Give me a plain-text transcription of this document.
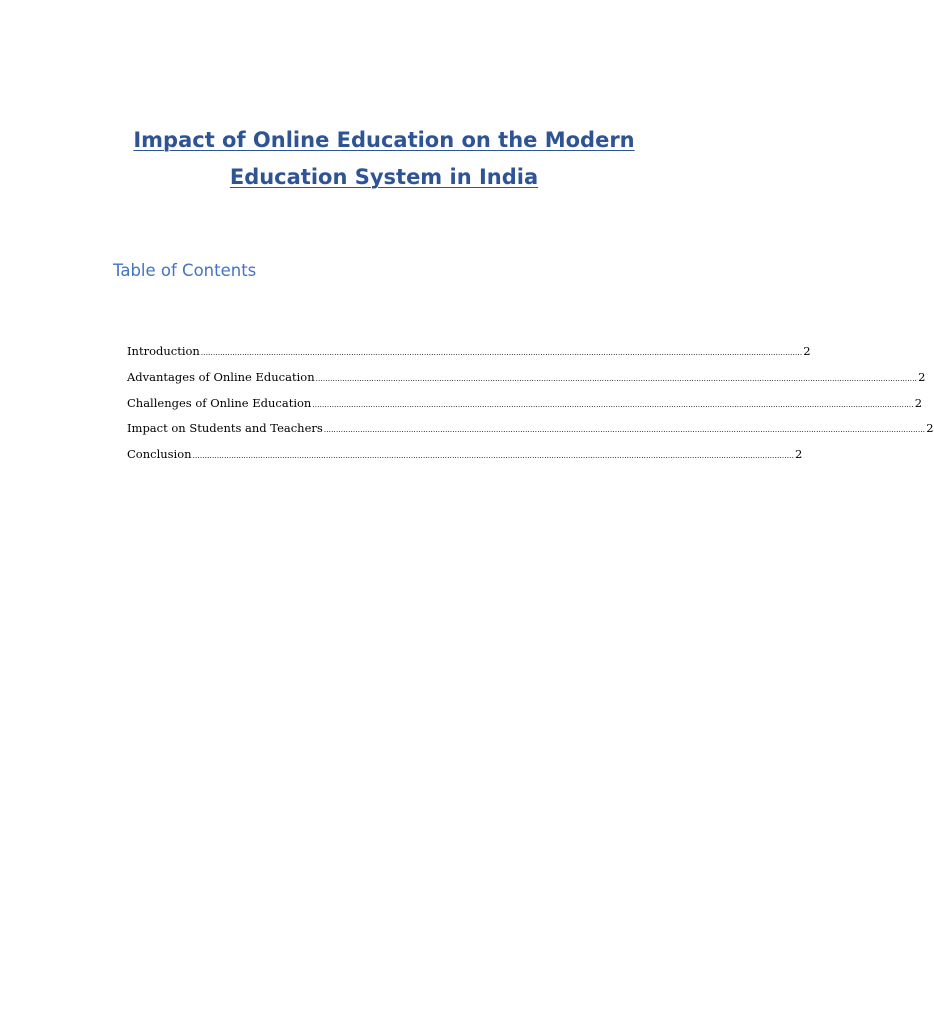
Impact of Online Education on the Modern
Education System in India
Table of Contents
Introduction ........................................................................................................................................................................................................................................................ 2
Advantages of Online Education ........................................................................................................................................................................................................................................................ 2
Challenges of Online Education ........................................................................................................................................................................................................................................................ 2
Impact on Students and Teachers ........................................................................................................................................................................................................................................................ 2
Conclusion ........................................................................................................................................................................................................................................................ 2
